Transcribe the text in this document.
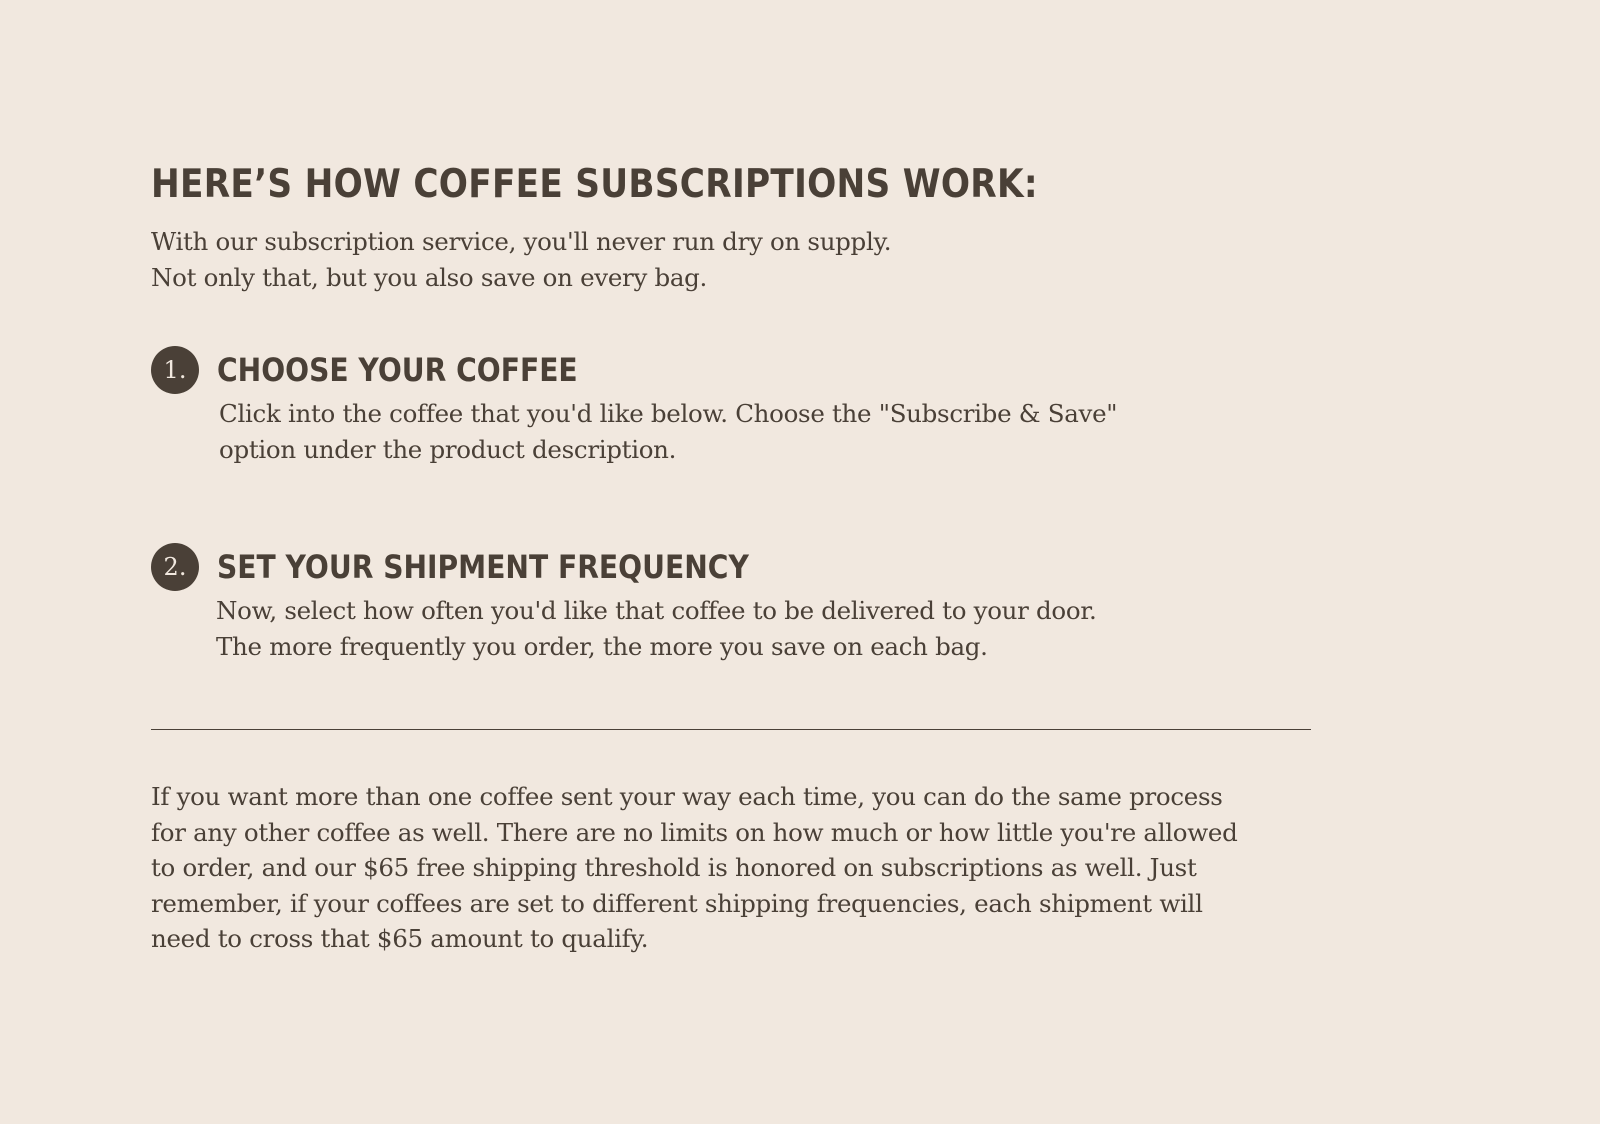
HERE’S HOW COFFEE SUBSCRIPTIONS WORK:
With our subscription service, you'll never run dry on supply.
Not only that, but you also save on every bag.
1. CHOOSE YOUR COFFEE
Click into the coffee that you'd like below. Choose the "Subscribe & Save"
option under the product description.
2. SET YOUR SHIPMENT FREQUENCY
Now, select how often you'd like that coffee to be delivered to your door.
The more frequently you order, the more you save on each bag.
If you want more than one coffee sent your way each time, you can do the same process
for any other coffee as well. There are no limits on how much or how little you're allowed
to order, and our $65 free shipping threshold is honored on subscriptions as well. Just
remember, if your coffees are set to different shipping frequencies, each shipment will
need to cross that $65 amount to qualify.
